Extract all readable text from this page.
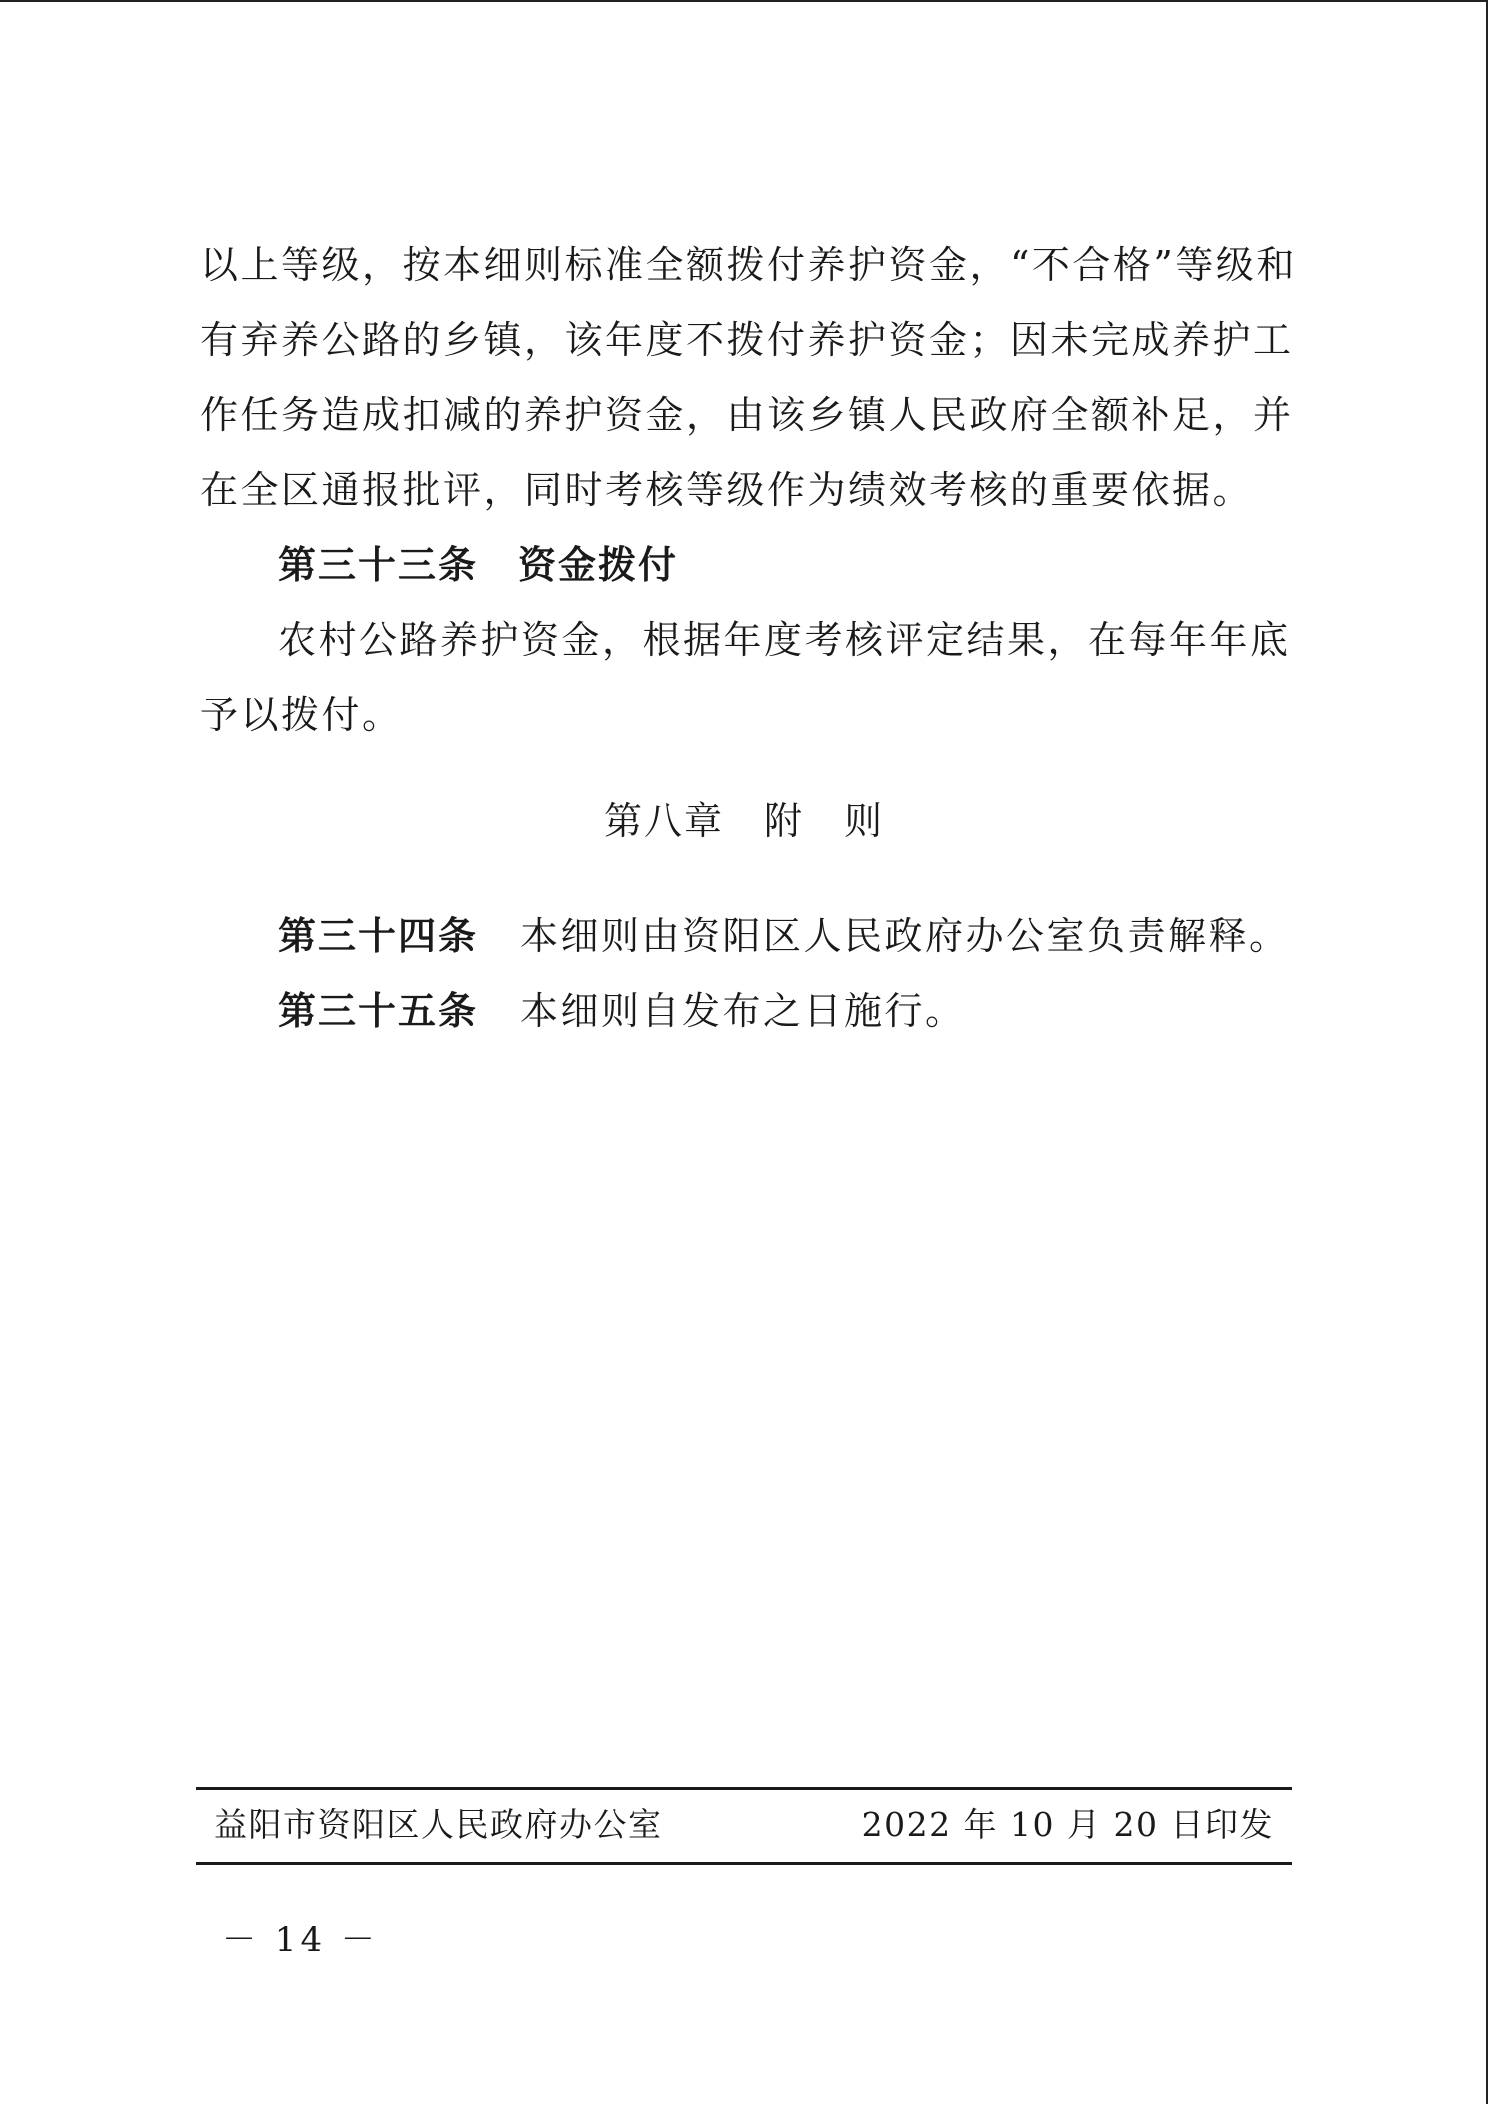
以上等级，按本细则标准全额拨付养护资金，“不合格”等级和
有弃养公路的乡镇，该年度不拨付养护资金；因未完成养护工
作任务造成扣减的养护资金，由该乡镇人民政府全额补足，并
在全区通报批评，同时考核等级作为绩效考核的重要依据。
第三十三条　资金拨付
农村公路养护资金，根据年度考核评定结果，在每年年底
予以拨付。
第八章　附　则
第三十四条 本细则由资阳区人民政府办公室负责解释。
第三十五条 本细则自发布之日施行。
益阳市资阳区人民政府办公室	2022 年 10 月 20 日印发
－ 14 －
